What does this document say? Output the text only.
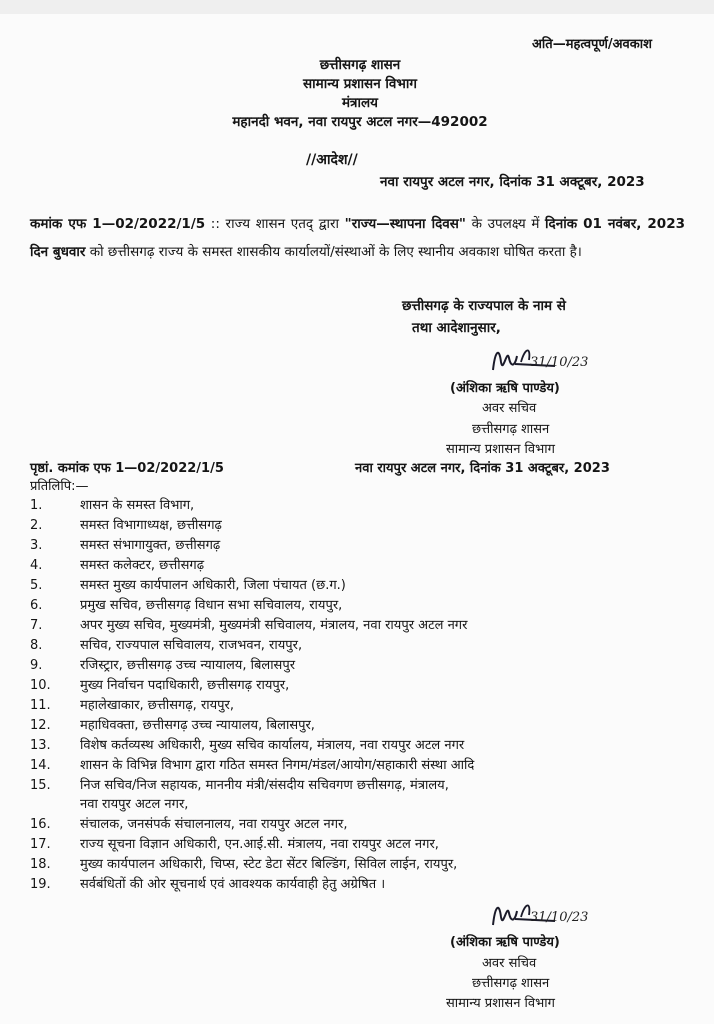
अति—महत्वपूर्ण/अवकाश
छत्तीसगढ़ शासन
सामान्य प्रशासन विभाग
मंत्रालय
महानदी भवन, नवा रायपुर अटल नगर—492002
//आदेश//
नवा रायपुर अटल नगर, दिनांक 31 अक्टूबर, 2023
कमांक एफ 1—02/2022/1/5 :: राज्य शासन एतद् द्वारा "राज्य—स्थापना दिवस" के उपलक्ष्य में दिनांक 01 नवंबर, 2023 दिन बुधवार को छत्तीसगढ़ राज्य के समस्त शासकीय कार्यालयों/संस्थाओं के लिए स्थानीय अवकाश घोषित करता है।
छत्तीसगढ़ के राज्यपाल के नाम से
तथा आदेशानुसार,
31/10/23
(अंशिका ऋषि पाण्डेय)
अवर सचिव
छत्तीसगढ़ शासन
सामान्य प्रशासन विभाग
पृष्ठां. कमांक एफ 1—02/2022/1/5	नवा रायपुर अटल नगर, दिनांक 31 अक्टूबर, 2023
प्रतिलिपि:—
1.	शासन के समस्त विभाग,
2.	समस्त विभागाध्यक्ष, छत्तीसगढ़
3.	समस्त संभागायुक्त, छत्तीसगढ़
4.	समस्त कलेक्टर, छत्तीसगढ़
5.	समस्त मुख्य कार्यपालन अधिकारी, जिला पंचायत (छ.ग.)
6.	प्रमुख सचिव, छत्तीसगढ़ विधान सभा सचिवालय, रायपुर,
7.	अपर मुख्य सचिव, मुख्यमंत्री, मुख्यमंत्री सचिवालय, मंत्रालय, नवा रायपुर अटल नगर
8.	सचिव, राज्यपाल सचिवालय, राजभवन, रायपुर,
9.	रजिस्ट्रार, छत्तीसगढ़ उच्च न्यायालय, बिलासपुर
10.	मुख्य निर्वाचन पदाधिकारी, छत्तीसगढ़ रायपुर,
11.	महालेखाकार, छत्तीसगढ़, रायपुर,
12.	महाधिवक्ता, छत्तीसगढ़ उच्च न्यायालय, बिलासपुर,
13.	विशेष कर्तव्यस्थ अधिकारी, मुख्य सचिव कार्यालय, मंत्रालय, नवा रायपुर अटल नगर
14.	शासन के विभिन्न विभाग द्वारा गठित समस्त निगम/मंडल/आयोग/सहाकारी संस्था आदि
15.	निज सचिव/निज सहायक, माननीय मंत्री/संसदीय सचिवगण छत्तीसगढ़, मंत्रालय,
नवा रायपुर अटल नगर,
16.	संचालक, जनसंपर्क संचालनालय, नवा रायपुर अटल नगर,
17.	राज्य सूचना विज्ञान अधिकारी, एन.आई.सी. मंत्रालय, नवा रायपुर अटल नगर,
18.	मुख्य कार्यपालन अधिकारी, चिप्स, स्टेट डेटा सेंटर बिल्डिंग, सिविल लाईन, रायपुर,
19.	सर्वबंधितों की ओर सूचनार्थ एवं आवश्यक कार्यवाही हेतु अग्रेषित ।
31/10/23
(अंशिका ऋषि पाण्डेय)
अवर सचिव
छत्तीसगढ़ शासन
सामान्य प्रशासन विभाग
